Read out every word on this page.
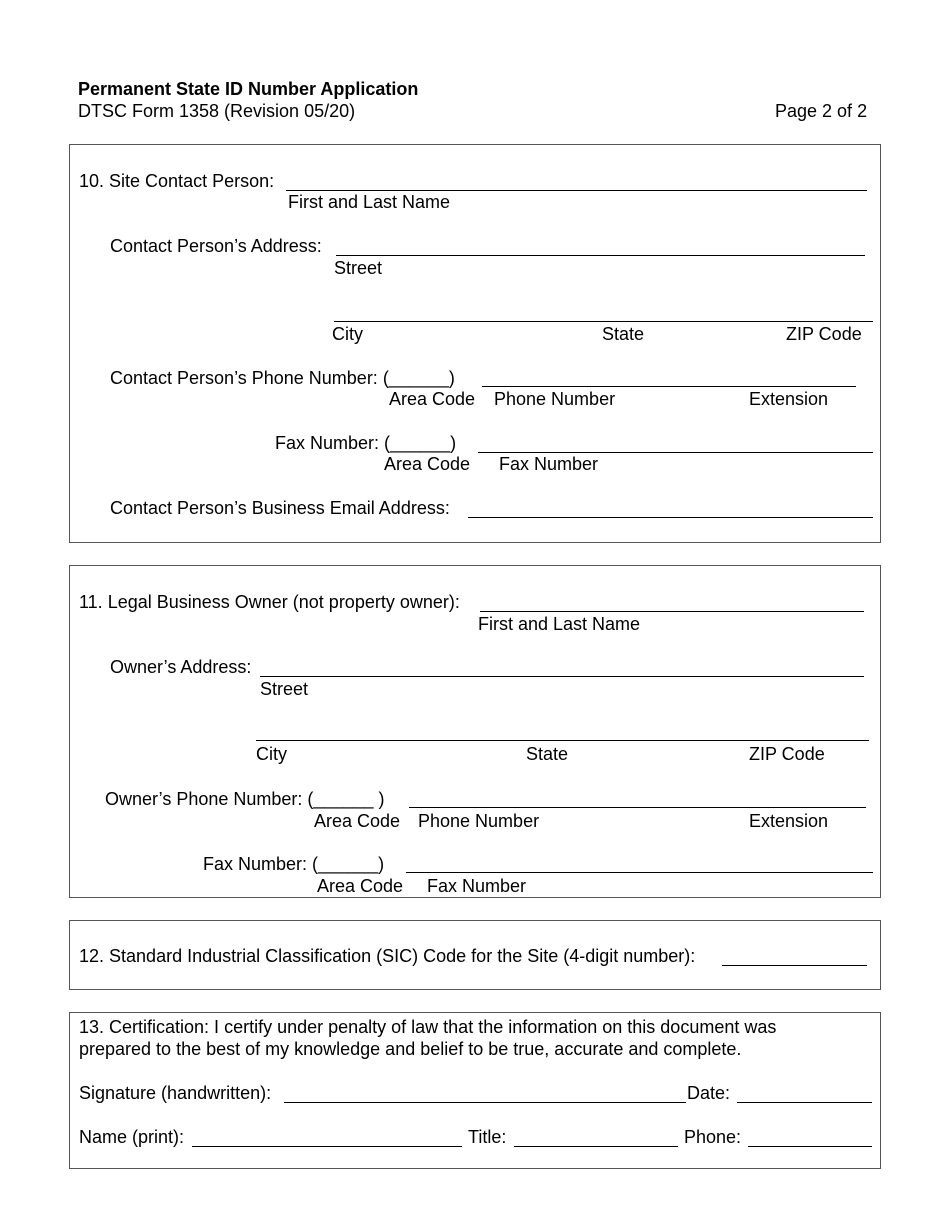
Permanent State ID Number Application
DTSC Form 1358 (Revision 05/20)	Page 2 of 2
10. Site Contact Person:
First and Last Name
Contact Person’s Address:
Street
City	State	ZIP Code
Contact Person’s Phone Number: (______)
Area Code Phone Number	Extension
Fax Number: (______)
Area Code Fax Number
Contact Person’s Business Email Address:
11. Legal Business Owner (not property owner):
First and Last Name
Owner’s Address:
Street
City	State	ZIP Code
Owner’s Phone Number: (______ )
Area Code Phone Number	Extension
Fax Number: (______)
Area Code Fax Number
12. Standard Industrial Classification (SIC) Code for the Site (4-digit number):
13. Certification: I certify under penalty of law that the information on this document was
prepared to the best of my knowledge and belief to be true, accurate and complete.
Signature (handwritten):	Date:
Name (print):	Title:	Phone:
